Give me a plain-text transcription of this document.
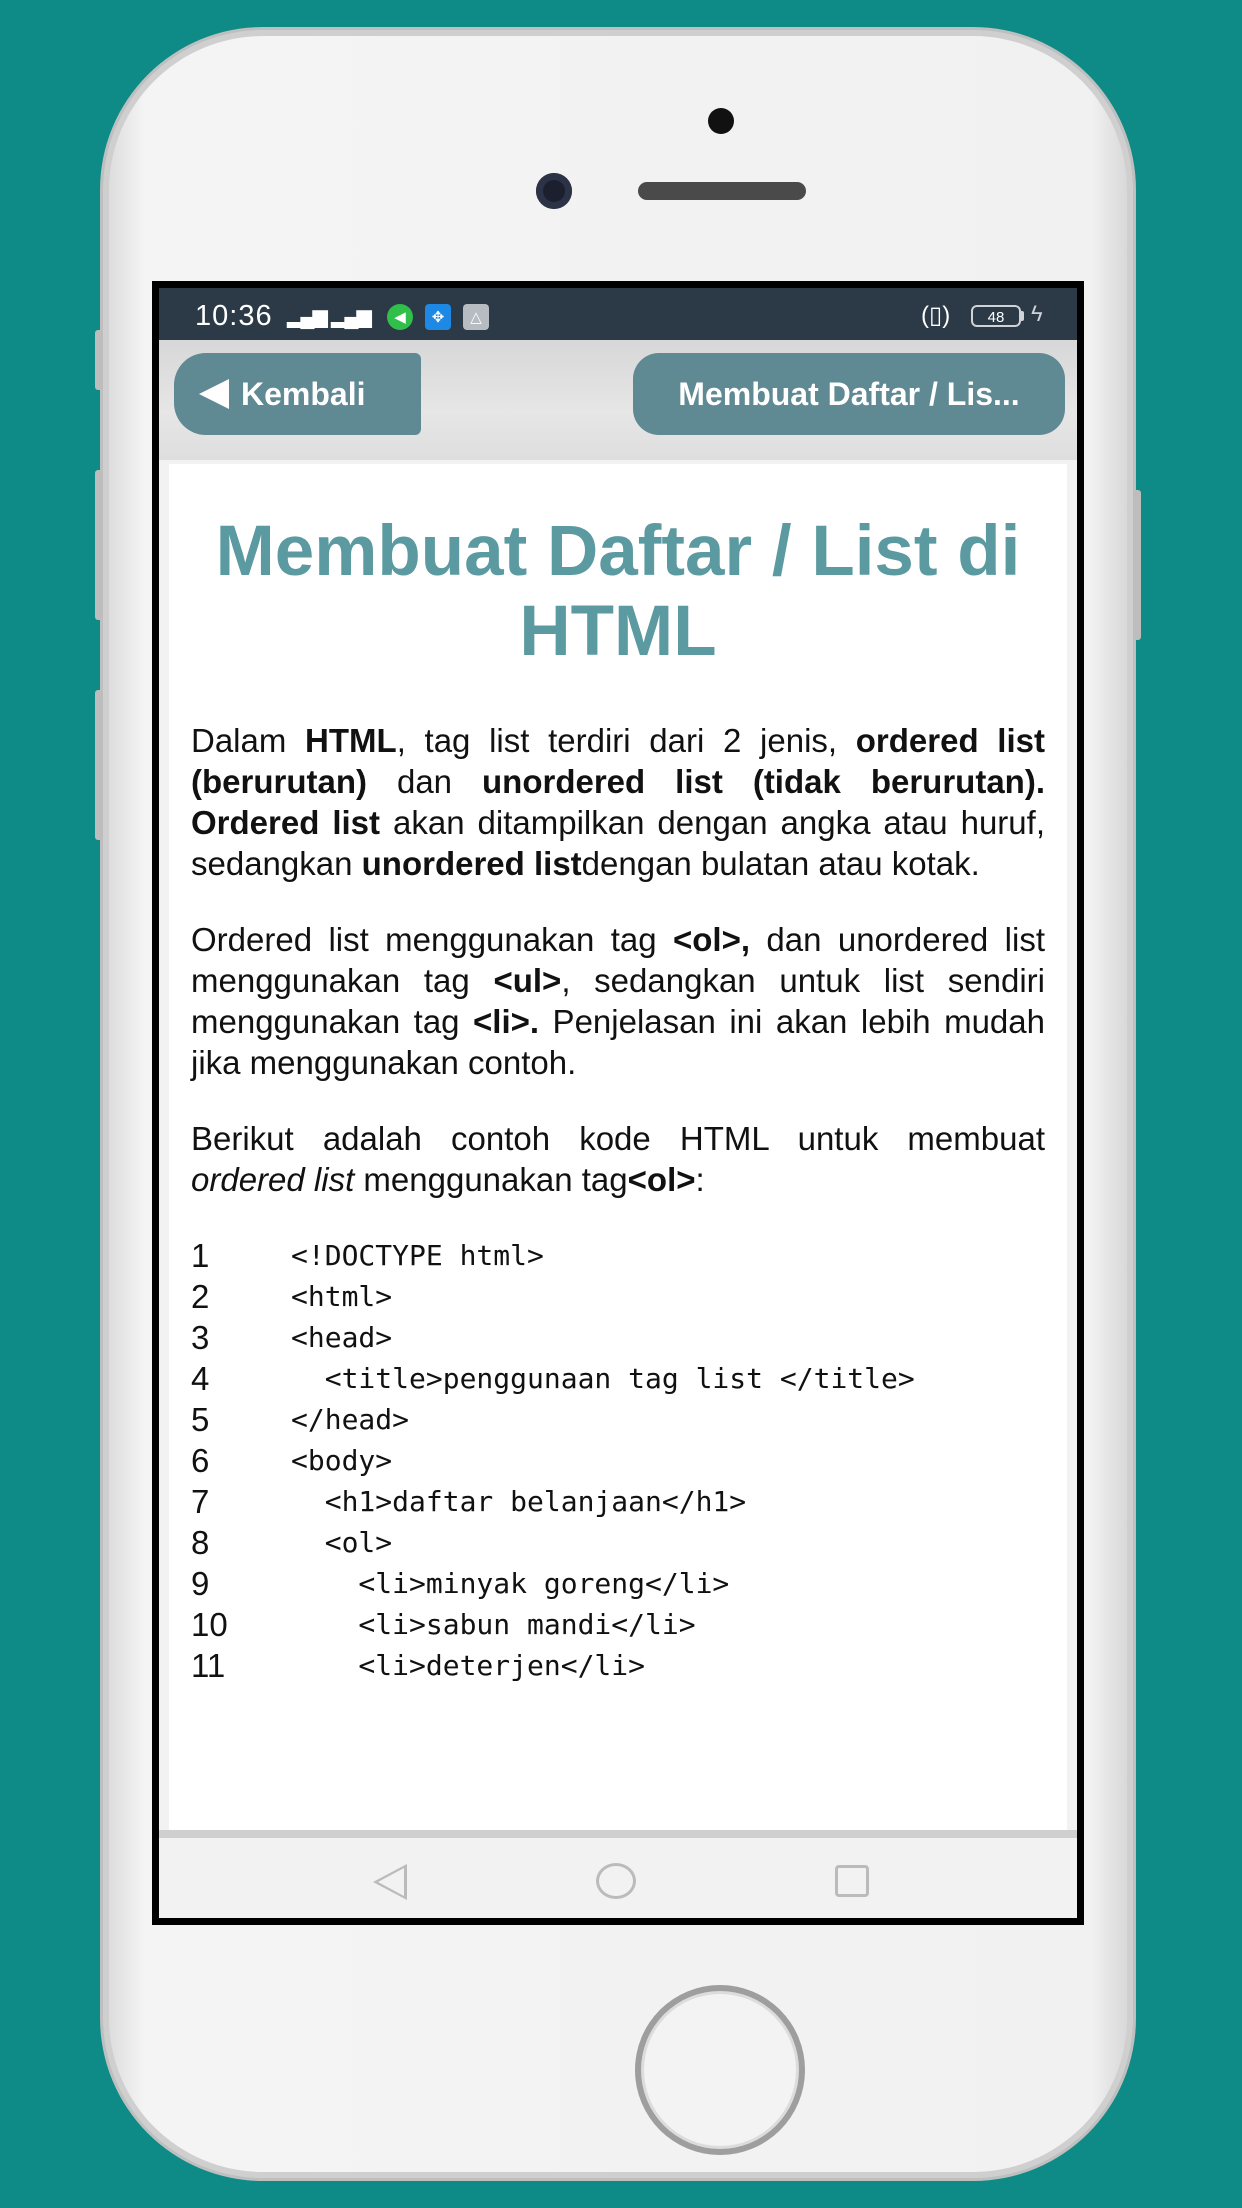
10:36 ▂▄▆ ▂▄▆	◀	✥	△	(▯)	48	ϟ
Kembali	Membuat Daftar / Lis...
Membuat Daftar / List di HTML
Dalam HTML, tag list terdiri dari 2 jenis, ordered list (berurutan) dan unordered list (tidak berurutan). Ordered list akan ditampilkan dengan angka atau huruf, sedangkan unordered listdengan bulatan atau kotak.
Ordered list menggunakan tag <ol>, dan unordered list menggunakan tag <ul>, sedangkan untuk list sendiri menggunakan tag <li>. Penjelasan ini akan lebih mudah jika menggunakan contoh.
Berikut adalah contoh kode HTML untuk membuat ordered list menggunakan tag<ol>:
1	<!DOCTYPE html>
2	<html>
3	<head>
4	<title>penggunaan tag list </title>
5	</head>
6	<body>
7	<h1>daftar belanjaan</h1>
8	<ol>
9	<li>minyak goreng</li>
10	<li>sabun mandi</li>
11	<li>deterjen</li>
